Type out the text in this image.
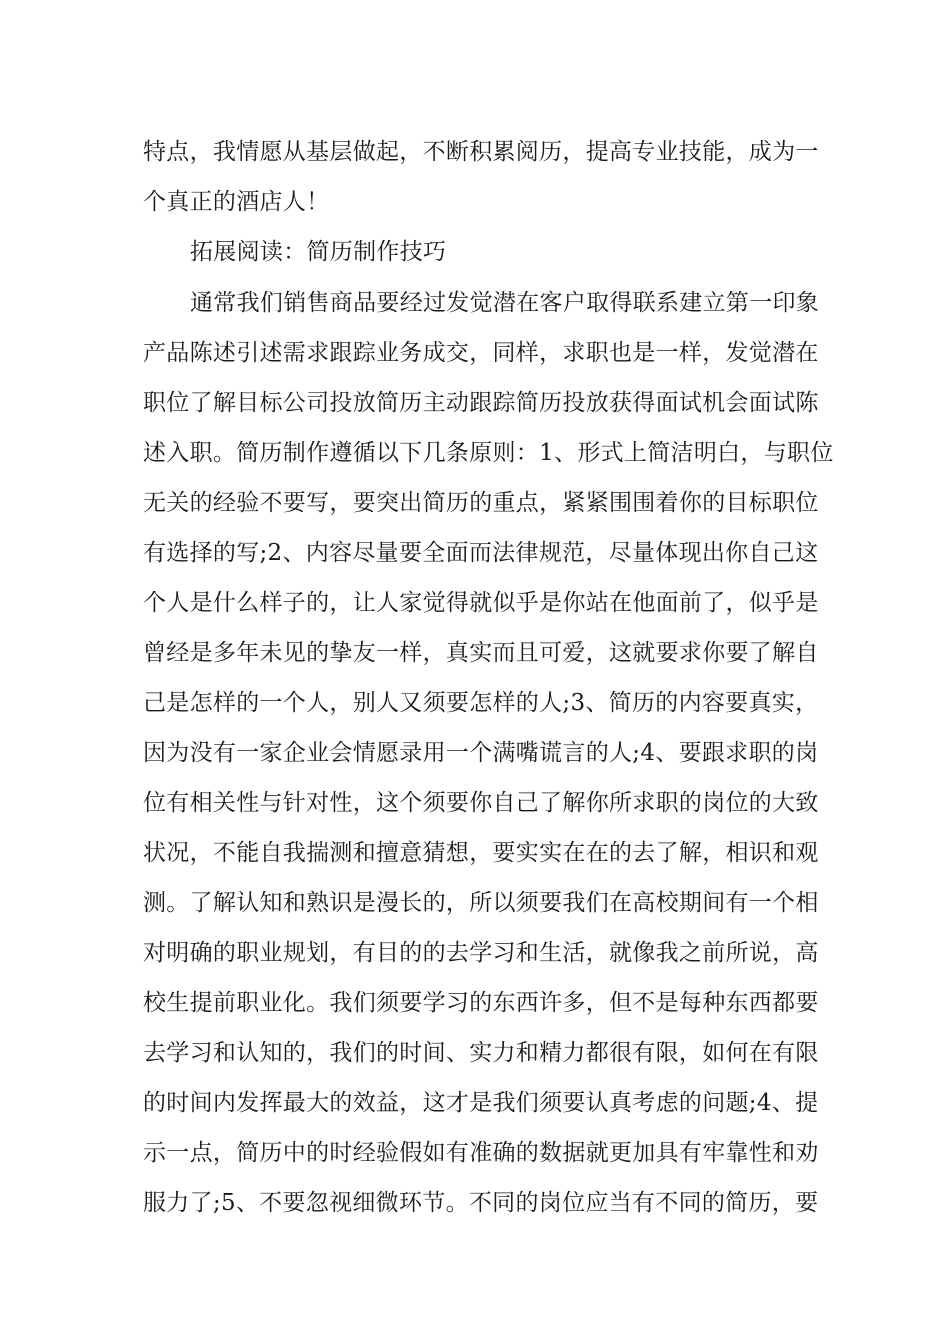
特点，我情愿从基层做起，不断积累阅历，提高专业技能，成为一
个真正的酒店人！
拓展阅读：简历制作技巧
通常我们销售商品要经过发觉潜在客户取得联系建立第一印象
产品陈述引述需求跟踪业务成交，同样，求职也是一样，发觉潜在
职位了解目标公司投放简历主动跟踪简历投放获得面试机会面试陈
述入职。简历制作遵循以下几条原则：1、形式上简洁明白，与职位
无关的经验不要写，要突出简历的重点，紧紧围围着你的目标职位
有选择的写;2、内容尽量要全面而法律规范，尽量体现出你自己这
个人是什么样子的，让人家觉得就似乎是你站在他面前了，似乎是
曾经是多年未见的挚友一样，真实而且可爱，这就要求你要了解自
己是怎样的一个人，别人又须要怎样的人;3、简历的内容要真实，
因为没有一家企业会情愿录用一个满嘴谎言的人;4、要跟求职的岗
位有相关性与针对性，这个须要你自己了解你所求职的岗位的大致
状况，不能自我揣测和擅意猜想，要实实在在的去了解，相识和观
测。了解认知和熟识是漫长的，所以须要我们在高校期间有一个相
对明确的职业规划，有目的的去学习和生活，就像我之前所说，高
校生提前职业化。我们须要学习的东西许多，但不是每种东西都要
去学习和认知的，我们的时间、实力和精力都很有限，如何在有限
的时间内发挥最大的效益，这才是我们须要认真考虑的问题;4、提
示一点，简历中的时经验假如有准确的数据就更加具有牢靠性和劝
服力了;5、不要忽视细微环节。不同的岗位应当有不同的简历，要
